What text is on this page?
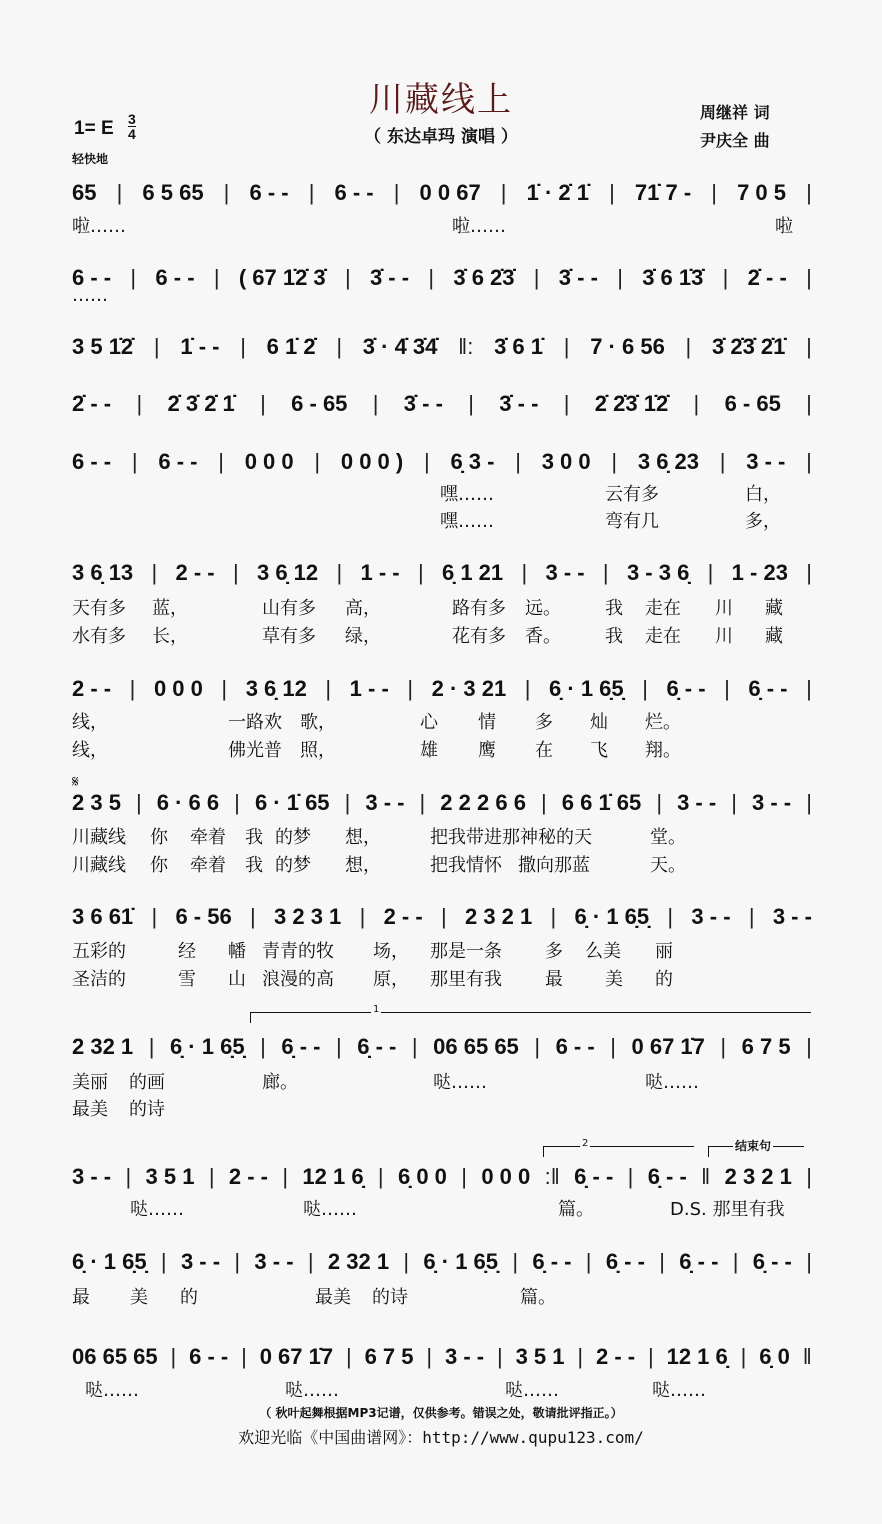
川藏线上
（ 东达卓玛 演唱 ）
周继祥 词
尹庆全 曲
1= E $\frac{3}{4}$
轻快地
𝄋
1
2	结束句
65 | 6 5 65 | 6 - - | 6 - - | 0 0 67 | 1̇ · 2̇ 1̇ | 71̇ 7 - | 7 0 5 |
啦……	啦……	啦
6 - - | 6 - - | ( 67 1̇2̇ 3̇ | 3̇ - - | 3̇ 6 2̇3̇ | 3̇ - - | 3̇ 6 1̇3̇ | 2̇ - - |
……
3 5 1̇2̇ | 1̇ - - | 6 1̇ 2̇ | 3̇ · 4̇ 3̇4̇ ‖: 3̇ 6 1̇ | 7 · 6 56 | 3̇ 2̇3̇ 2̇1̇ |
2̇ - - | 2̇ 3̇ 2̇ 1̇ | 6 - 65 | 3̇ - - | 3̇ - - | 2̇ 2̇3̇ 1̇2̇ | 6 - 65 |
6 - - | 6 - - | 0 0 0 | 0 0 0 ) | 6̣ 3 - | 3 0 0 | 3 6̣ 23 | 3 - - |
嘿……	云有多	白，
嘿……	弯有几	多，
3 6̣ 13 | 2 - - | 3 6̣ 12 | 1 - - | 6̣ 1 21 | 3 - - | 3 - 3 6̣ | 1 - 23 |
天有多 蓝，	山有多 高，	路有多 远。 我 走在 川 藏
水有多 长，	草有多 绿，	花有多 香。 我 走在 川 藏
2 - - | 0 0 0 | 3 6̣ 12 | 1 - - | 2 · 3 21 | 6̣ · 1 6̣5̣ | 6̣ - - | 6̣ - - |
线，	一路欢 歌，	心 情 多 灿 烂。
线，	佛光普 照，	雄 鹰 在 飞 翔。
2 3 5 | 6 · 6 6 | 6 · 1̇ 65 | 3 - - | 2 2 2 6 6 | 6 6 1̇ 65 | 3 - - | 3 - - |
川藏线 你 牵着 我 的梦 想，	把我带进那神秘的天	堂。
川藏线 你 牵着 我 的梦 想，	把我情怀 撒向那蓝	天。
3 6 61̇ | 6 - 56 | 3 2 3 1 | 2 - - | 2 3 2 1 | 6̣ · 1 6̣5̣ | 3 - - | 3 - -
五彩的	经 幡 青青的牧 场， 那是一条 多 么美 丽
圣洁的	雪 山 浪漫的高 原， 那里有我 最 美 的
2 32 1 | 6̣ · 1 6̣5̣ | 6̣ - - | 6̣ - - | 06 65 65 | 6 - - | 0 67 1̇7 | 6 7 5 |
美丽 的画	廊。	哒……	哒……
最美 的诗
3 - - | 3 5 1 | 2 - - | 12 1 6̣ | 6̣ 0 0 | 0 0 0 :‖ 6̣ - - | 6̣ - - ‖ 2 3 2 1 |
哒……	哒……	篇。	D.S. 那里有我
6̣ · 1 6̣5̣ | 3 - - | 3 - - | 2 32 1 | 6̣ · 1 6̣5̣ | 6̣ - - | 6̣ - - | 6̣ - - | 6̣ - - |
最 美 的	最美 的诗	篇。
06 65 65 | 6 - - | 0 67 1̇7 | 6 7 5 | 3 - - | 3 5 1 | 2 - - | 12 1 6̣ | 6̣ 0 ‖
哒……	哒……	哒……	哒……
（ 秋叶起舞根据MP3记谱，仅供参考。错误之处，敬请批评指正。）
欢迎光临《中国曲谱网》：http://www.qupu123.com/
